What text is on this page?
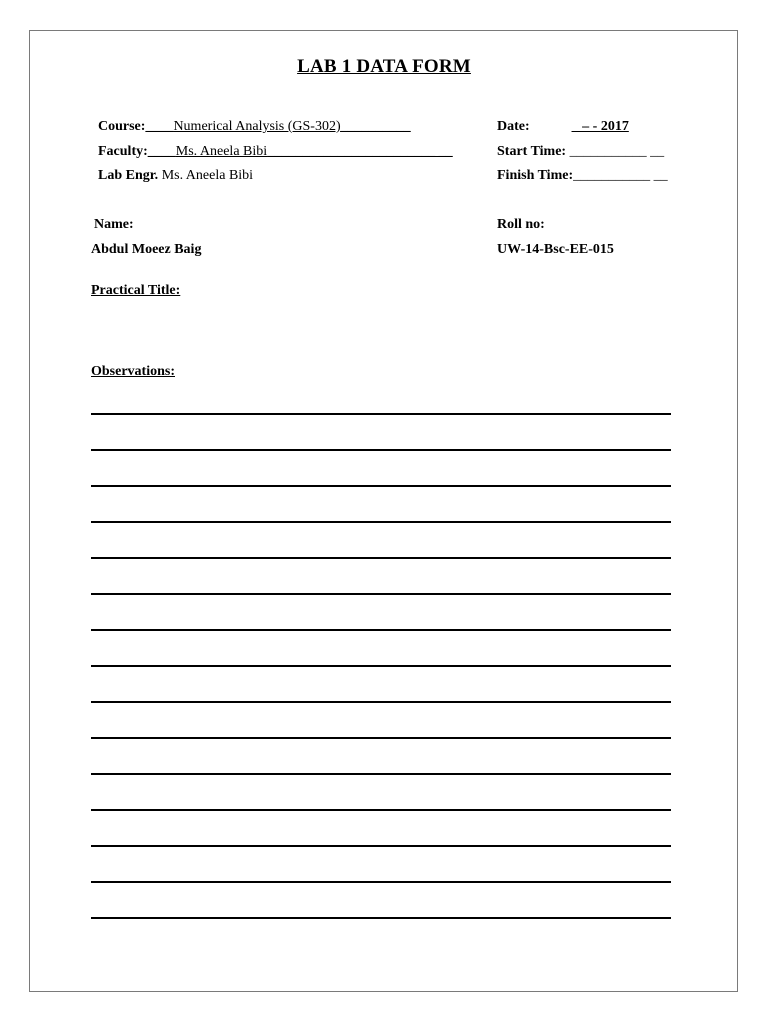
LAB 1 DATA FORM
Course:____Numerical Analysis (GS-302)__________
Faculty:____Ms. Aneela Bibi________________________ __
Lab Engr. Ms. Aneela Bibi
Date:	_ – - 2017
Start Time: ___________ __
Finish Time:___________ __
Name:
Abdul Moeez Baig
Roll no:
UW-14-Bsc-EE-015
Practical Title:
Observations:
